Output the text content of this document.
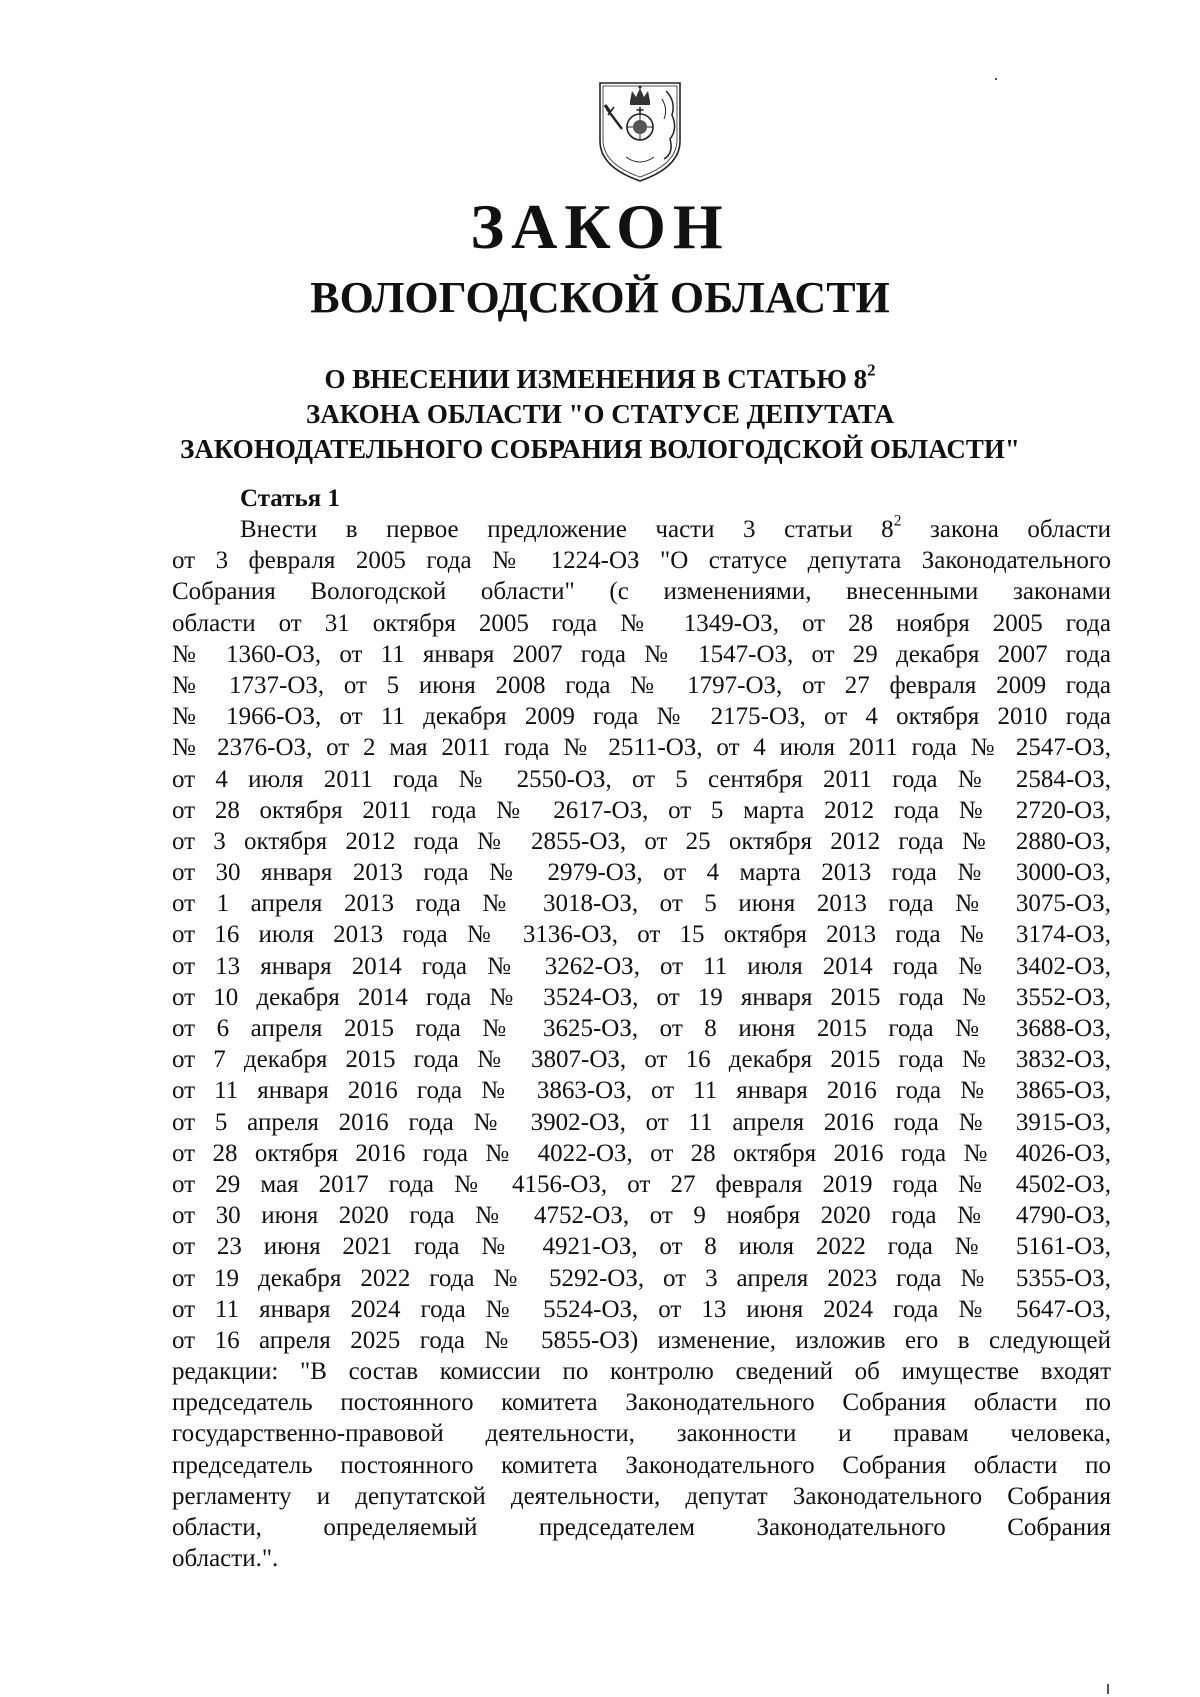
ЗАКОН
ВОЛОГОДСКОЙ ОБЛАСТИ
О ВНЕСЕНИИ ИЗМЕНЕНИЯ В СТАТЬЮ $8^2$
ЗАКОНА ОБЛАСТИ "О СТАТУСЕ ДЕПУТАТА
ЗАКОНОДАТЕЛЬНОГО СОБРАНИЯ ВОЛОГОДСКОЙ ОБЛАСТИ"
Статья 1
Внести в первое предложение части 3 статьи $8^2$ закона области
от 3 февраля 2005 года № 1224-ОЗ "О статусе депутата Законодательного
Собрания Вологодской области" (с изменениями, внесенными законами
области от 31 октября 2005 года № 1349-ОЗ, от 28 ноября 2005 года
№ 1360-ОЗ, от 11 января 2007 года № 1547-ОЗ, от 29 декабря 2007 года
№ 1737-ОЗ, от 5 июня 2008 года № 1797-ОЗ, от 27 февраля 2009 года
№ 1966-ОЗ, от 11 декабря 2009 года № 2175-ОЗ, от 4 октября 2010 года
№ 2376-ОЗ, от 2 мая 2011 года № 2511-ОЗ, от 4 июля 2011 года № 2547-ОЗ,
от 4 июля 2011 года № 2550-ОЗ, от 5 сентября 2011 года № 2584-ОЗ,
от 28 октября 2011 года № 2617-ОЗ, от 5 марта 2012 года № 2720-ОЗ,
от 3 октября 2012 года № 2855-ОЗ, от 25 октября 2012 года № 2880-ОЗ,
от 30 января 2013 года № 2979-ОЗ, от 4 марта 2013 года № 3000-ОЗ,
от 1 апреля 2013 года № 3018-ОЗ, от 5 июня 2013 года № 3075-ОЗ,
от 16 июля 2013 года № 3136-ОЗ, от 15 октября 2013 года № 3174-ОЗ,
от 13 января 2014 года № 3262-ОЗ, от 11 июля 2014 года № 3402-ОЗ,
от 10 декабря 2014 года № 3524-ОЗ, от 19 января 2015 года № 3552-ОЗ,
от 6 апреля 2015 года № 3625-ОЗ, от 8 июня 2015 года № 3688-ОЗ,
от 7 декабря 2015 года № 3807-ОЗ, от 16 декабря 2015 года № 3832-ОЗ,
от 11 января 2016 года № 3863-ОЗ, от 11 января 2016 года № 3865-ОЗ,
от 5 апреля 2016 года № 3902-ОЗ, от 11 апреля 2016 года № 3915-ОЗ,
от 28 октября 2016 года № 4022-ОЗ, от 28 октября 2016 года № 4026-ОЗ,
от 29 мая 2017 года № 4156-ОЗ, от 27 февраля 2019 года № 4502-ОЗ,
от 30 июня 2020 года № 4752-ОЗ, от 9 ноября 2020 года № 4790-ОЗ,
от 23 июня 2021 года № 4921-ОЗ, от 8 июля 2022 года № 5161-ОЗ,
от 19 декабря 2022 года № 5292-ОЗ, от 3 апреля 2023 года № 5355-ОЗ,
от 11 января 2024 года № 5524-ОЗ, от 13 июня 2024 года № 5647-ОЗ,
от 16 апреля 2025 года № 5855-ОЗ) изменение, изложив его в следующей
редакции: "В состав комиссии по контролю сведений об имуществе входят
председатель постоянного комитета Законодательного Собрания области по
государственно-правовой деятельности, законности и правам человека,
председатель постоянного комитета Законодательного Собрания области по
регламенту и депутатской деятельности, депутат Законодательного Собрания
области, определяемый председателем Законодательного Собрания
области.".
